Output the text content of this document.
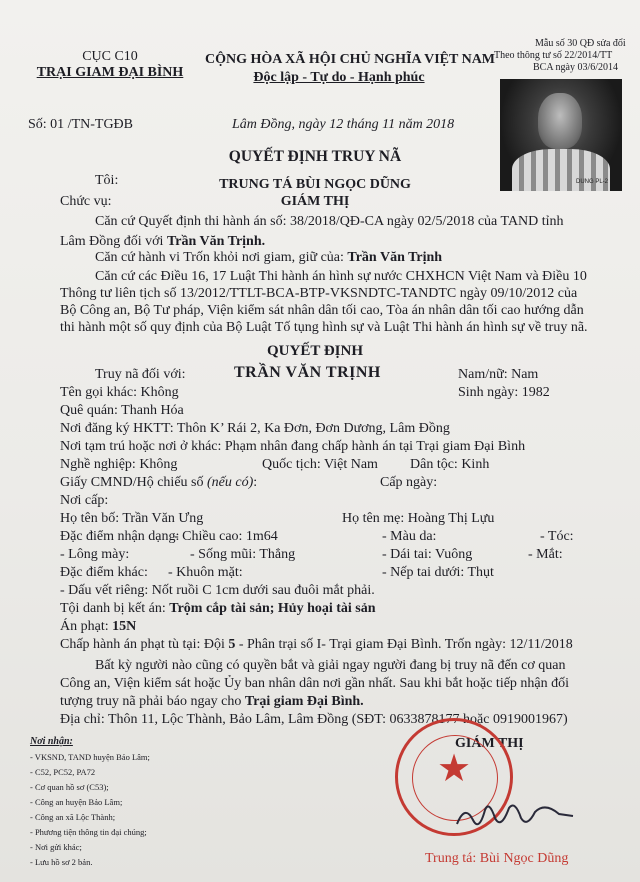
CỤC C10
TRẠI GIAM ĐẠI BÌNH
CỘNG HÒA XÃ HỘI CHỦ NGHĨA VIỆT NAM
Độc lập - Tự do - Hạnh phúc
Mẫu số 30 QĐ sửa đổi
Theo thông tư số 22/2014/TT
BCA ngày 03/6/2014
Số: 01 /TN-TGĐB	Lâm Đồng, ngày 12 tháng 11 năm 2018
DUNG PL-2
QUYẾT ĐỊNH TRUY NÃ
Tôi:	TRUNG TÁ BÙI NGỌC DŨNG
Chức vụ:	GIÁM THỊ
Căn cứ Quyết định thi hành án số: 38/2018/QĐ-CA ngày 02/5/2018 của TAND tỉnh
Lâm Đồng đối với Trần Văn Trịnh.
Căn cứ hành vi Trốn khỏi nơi giam, giữ của: Trần Văn Trịnh
Căn cứ các Điều 16, 17 Luật Thi hành án hình sự nước CHXHCN Việt Nam và Điều 10
Thông tư liên tịch số 13/2012/TTLT-BCA-BTP-VKSNDTC-TANDTC ngày 09/10/2012 của
Bộ Công an, Bộ Tư pháp, Viện kiểm sát nhân dân tối cao, Tòa án nhân dân tối cao hướng dẫn
thi hành một số quy định của Bộ Luật Tố tụng hình sự và Luật Thi hành án hình sự về truy nã.
QUYẾT ĐỊNH
Truy nã đối với:	TRẦN VĂN TRỊNH	Nam/nữ: Nam
Tên gọi khác: Không	Sinh ngày: 1982
Quê quán: Thanh Hóa
Nơi đăng ký HKTT: Thôn K’ Rái 2, Ka Đơn, Đơn Dương, Lâm Đồng
Nơi tạm trú hoặc nơi ở khác: Phạm nhân đang chấp hành án tại Trại giam Đại Bình
Nghề nghiệp: Không	Quốc tịch: Việt Nam Dân tộc: Kinh
Giấy CMND/Hộ chiếu số (nếu có):	Cấp ngày:
Nơi cấp:
Họ tên bố: Trần Văn Ưng	Họ tên mẹ: Hoàng Thị Lựu
Đặc điểm nhận dạng:
- Chiều cao: 1m64	- Màu da:	- Tóc:
- Lông mày:	- Sống mũi: Thẳng	- Dái tai: Vuông	- Mắt:
Đặc điểm khác: - Khuôn mặt:	- Nếp tai dưới: Thụt
- Dấu vết riêng: Nốt ruồi C 1cm dưới sau đuôi mắt phải.
Tội danh bị kết án: Trộm cắp tài sản; Hủy hoại tài sản
Án phạt: 15N
Chấp hành án phạt tù tại: Đội 5 - Phân trại số I- Trại giam Đại Bình. Trốn ngày: 12/11/2018
Bất kỳ người nào cũng có quyền bắt và giải ngay người đang bị truy nã đến cơ quan
Công an, Viện kiểm sát hoặc Ủy ban nhân dân nơi gần nhất. Sau khi bắt hoặc tiếp nhận đối
tượng truy nã phải báo ngay cho Trại giam Đại Bình.
Địa chỉ: Thôn 11, Lộc Thành, Bảo Lâm, Lâm Đồng (SĐT: 0633878177 hoặc 0919001967)
Nơi nhận:
- VKSND, TAND huyện Bảo Lâm;
- C52, PC52, PA72
- Cơ quan hồ sơ (C53);
- Công an huyện Bảo Lâm;
- Công an xã Lộc Thành;
- Phương tiện thông tin đại chúng;
- Nơi gửi khác;
- Lưu hồ sơ 2 bản.
GIÁM THỊ
★
Trung tá: Bùi Ngọc Dũng
